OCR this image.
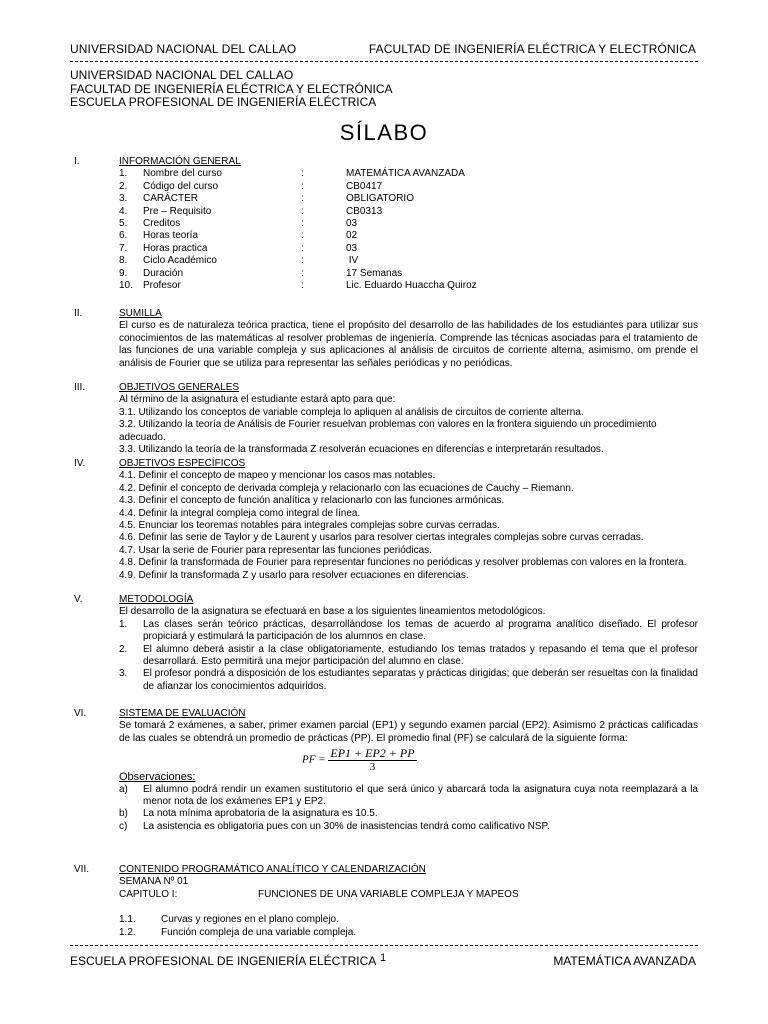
UNIVERSIDAD NACIONAL DEL CALLAO	FACULTAD DE INGENIERÍA ELÉCTRICA Y ELECTRÓNICA
UNIVERSIDAD NACIONAL DEL CALLAO
FACULTAD DE INGENIERÍA ELÉCTRICA Y ELECTRÓNICA
ESCUELA PROFESIONAL DE INGENIERÍA ELÉCTRICA
SÍLABO
I.	INFORMACIÓN GENERAL
1. Nombre del curso	:	MATEMÁTICA AVANZADA
2. Código del curso	:	CB0417
3. CARÁCTER	:	OBLIGATORIO
4. Pre – Requisito	:	CB0313
5. Creditos	:	03
6. Horas teoría	:	02
7. Horas practica	:	03
8. Ciclo Académico	:	IV
9. Duración	:	17 Semanas
10. Profesor	:	Lic. Eduardo Huaccha Quiroz
II.	SUMILLA
El curso es de naturaleza teórica practica, tiene el propósito del desarrollo de las habilidades de los estudiantes para utilizar sus conocimientos de las matemáticas al resolver problemas de ingeniería. Comprende las técnicas asociadas para el tratamiento de las funciones de una variable compleja y sus aplicaciones al análisis de circuitos de corriente alterna, asimismo, om prende el análisis de Fourier que se utiliza para representar las señales periódicas y no periódicas.
III.	OBJETIVOS GENERALES
Al término de la asignatura el estudiante estará apto para que:
3.1. Utilizando los conceptos de variable compleja lo apliquen al análisis de circuitos de corriente alterna.
3.2. Utilizando la teoría de Análisis de Fourier resuelvan problemas con valores en la frontera siguiendo un procedimiento adecuado.
3.3. Utilizando la teoría de la transformada Z resolverán ecuaciones en diferencias e interpretarán resultados.
IV.	OBJETIVOS ESPECÍFICOS
4.1. Definir el concepto de mapeo y mencionar los casos mas notables.
4.2. Definir el concepto de derivada compleja y relacionarlo con las ecuaciones de Cauchy – Riemann.
4.3. Definir el concepto de función analítica y relacionarlo con las funciones armónicas.
4.4. Definir la integral compleja como integral de línea.
4.5. Enunciar los teoremas notables para integrales complejas sobre curvas cerradas.
4.6. Definir las serie de Taylor y de Laurent y usarlos para resolver ciertas integrales complejas sobre curvas cerradas.
4.7. Usar la serie de Fourier para representar las funciones periódicas.
4.8. Definir la transformada de Fourier para representar funciones no periódicas y resolver problemas con valores en la frontera.
4.9. Definir la transformada Z y usarlo para resolver ecuaciones en diferencias.
V.	METODOLOGÍA
El desarrollo de la asignatura se efectuará en base a los siguientes lineamientos metodológicos.
1. Las clases serán teórico prácticas, desarrollándose los temas de acuerdo al programa analítico diseñado. El profesor propiciará y estimulará la participación de los alumnos en clase.
2. El alumno deberá asistir a la clase obligatoriamente, estudiando los temas tratados y repasando el tema que el profesor desarrollará. Esto permitirá una mejor participación del alumno en clase.
3. El profesor pondrá a disposición de los estudiantes separatas y prácticas dirigidas; que deberán ser resueltas con la finalidad de afianzar los conocimientos adquiridos.
VI.	SISTEMA DE EVALUACIÓN
Se tomará 2 exámenes, a saber, primer examen parcial (EP1) y segundo examen parcial (EP2). Asimismo 2 prácticas calificadas de las cuales se obtendrá un promedio de prácticas (PP). El promedio final (PF) se calculará de la siguiente forma:
PF = $\frac{EP1 + EP2 + PP}{3}$
Observaciones:
a) El alumno podrá rendir un examen sustitutorio el que será único y abarcará toda la asignatura cuya nota reemplazará a la menor nota de los exámenes EP1 y EP2.
b) La nota mínima aprobatoria de la asignatura es 10.5.
c) La asistencia es obligatoria pues con un 30% de inasistencias tendrá como calificativo NSP.
VII.	CONTENIDO PROGRAMÁTICO ANALÍTICO Y CALENDARIZACIÓN
SEMANA Nº 01
CAPITULO I:	FUNCIONES DE UNA VARIABLE COMPLEJA Y MAPEOS
1.1.	Curvas y regiones en el plano complejo.
1.2.	Función compleja de una variable compleja.
ESCUELA PROFESIONAL DE INGENIERÍA ELÉCTRICA 1	MATEMÁTICA AVANZADA
